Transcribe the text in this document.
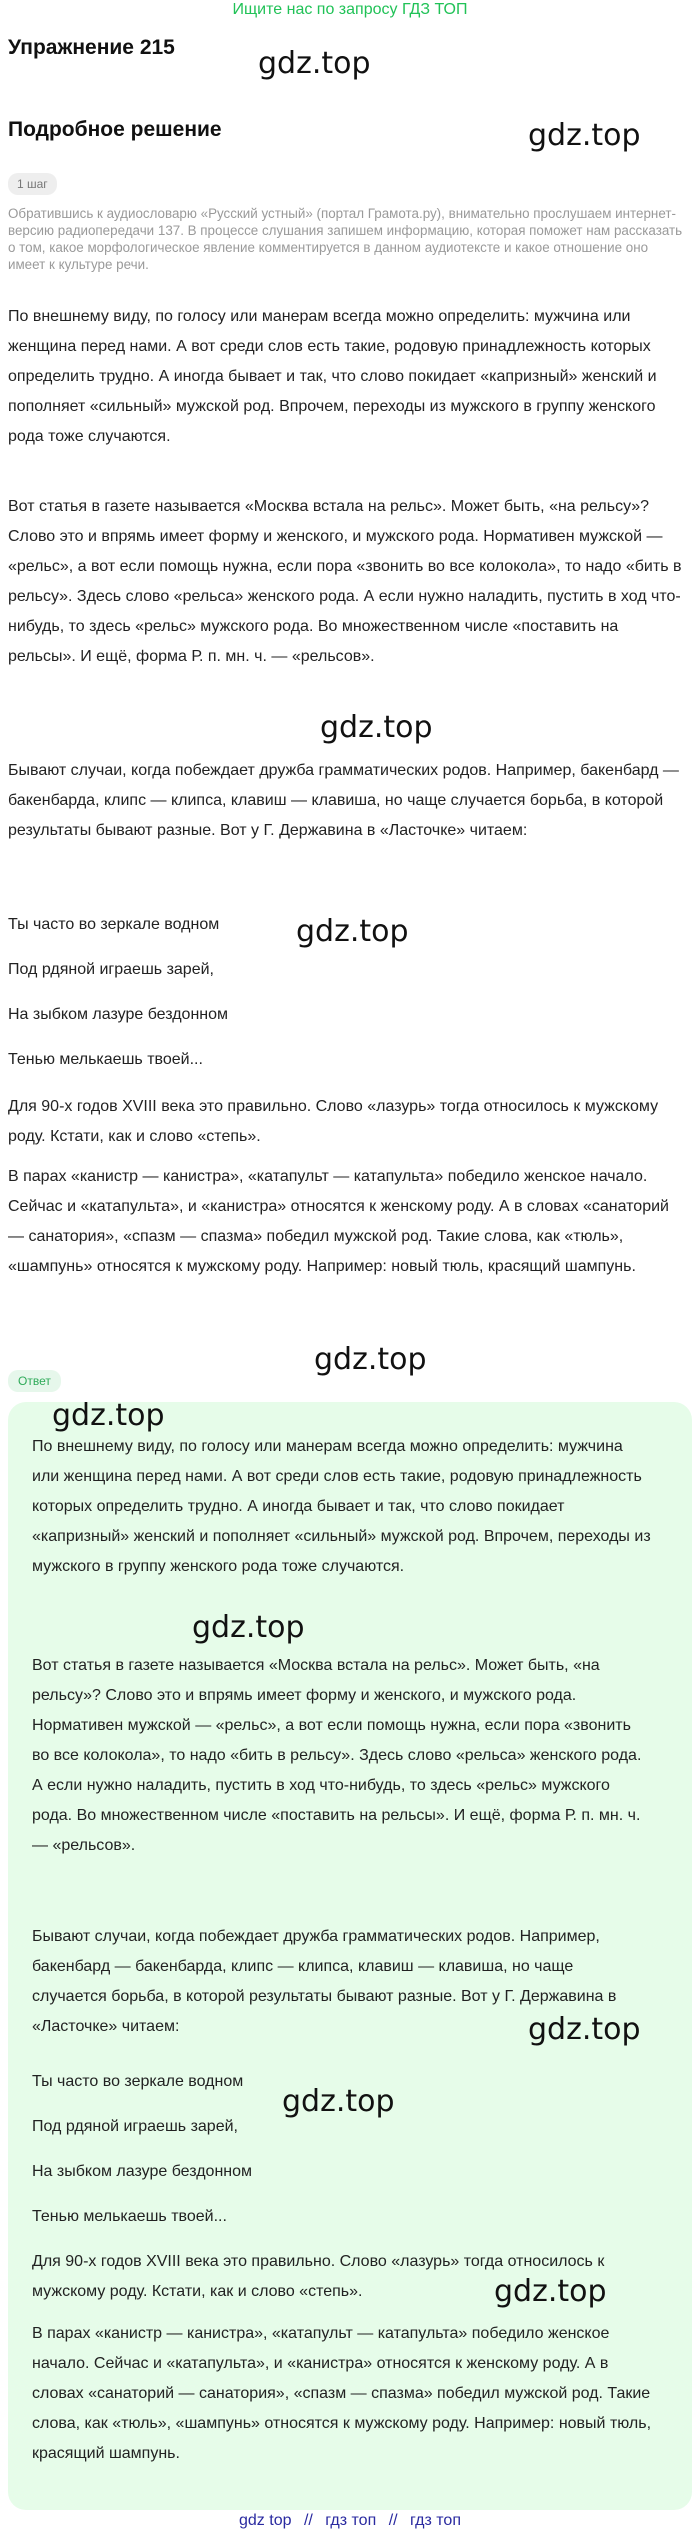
Ищите нас по запросу ГДЗ ТОП
Упражнение 215	gdz.top
Подробное решение	gdz.top
1 шаг

Обратившись к аудиословарю «Русский устный» (портал Грамота.ру), внимательно прослушаем интернет-версию радиопередачи 137. В процессе слушания запишем информацию, которая поможет нам рассказать о том, какое морфологическое явление комментируется в данном аудиотексте и какое отношение оно имеет к культуре речи.

По внешнему виду, по голосу или манерам всегда можно определить: мужчина или женщина перед нами. А вот среди слов есть такие, родовую принадлежность которых определить трудно. А иногда бывает и так, что слово покидает «капризный» женский и пополняет «сильный» мужской род. Впрочем, переходы из мужского в группу женского рода тоже случаются.

Вот статья в газете называется «Москва встала на рельс». Может быть, «на рельсу»? Слово это и впрямь имеет форму и женского, и мужского рода. Нормативен мужской — «рельс», а вот если помощь нужна, если пора «звонить во все колокола», то надо «бить в рельсу». Здесь слово «рельса» женского рода. А если нужно наладить, пустить в ход что-нибудь, то здесь «рельс» мужского рода. Во множественном числе «поставить на рельсы». И ещё, форма Р. п. мн. ч. — «рельсов».

gdz.top

Бывают случаи, когда побеждает дружба грамматических родов. Например, бакенбард — бакенбарда, клипс — клипса, клавиш — клавиша, но чаще случается борьба, в которой результаты бывают разные. Вот у Г. Державина в «Ласточке» читаем:

gdz.top
Ты часто во зеркале водном
Под рдяной играешь зарей,
На зыбком лазуре бездонном
Тенью мелькаешь твоей...

Для 90-х годов XVIII века это правильно. Слово «лазурь» тогда относилось к мужскому роду. Кстати, как и слово «степь».

В парах «канистр — канистра», «катапульт — катапульта» победило женское начало. Сейчас и «катапульта», и «канистра» относятся к женскому роду. А в словах «санаторий — санатория», «спазм — спазма» победил мужской род. Такие слова, как «тюль», «шампунь» относятся к мужскому роду. Например: новый тюль, красящий шампунь.

gdz.top
Ответ
gdz.top

По внешнему виду, по голосу или манерам всегда можно определить: мужчина или женщина перед нами. А вот среди слов есть такие, родовую принадлежность которых определить трудно. А иногда бывает и так, что слово покидает «капризный» женский и пополняет «сильный» мужской род. Впрочем, переходы из мужского в группу женского рода тоже случаются.

gdz.top

Вот статья в газете называется «Москва встала на рельс». Может быть, «на рельсу»? Слово это и впрямь имеет форму и женского, и мужского рода. Нормативен мужской — «рельс», а вот если помощь нужна, если пора «звонить во все колокола», то надо «бить в рельсу». Здесь слово «рельса» женского рода. А если нужно наладить, пустить в ход что-нибудь, то здесь «рельс» мужского рода. Во множественном числе «поставить на рельсы». И ещё, форма Р. п. мн. ч. — «рельсов».

Бывают случаи, когда побеждает дружба грамматических родов. Например, бакенбард — бакенбарда, клипс — клипса, клавиш — клавиша, но чаще случается борьба, в которой результаты бывают разные. Вот у Г. Державина в «Ласточке» читаем:	gdz.top
Ты часто во зеркале водном
gdz.top
Под рдяной играешь зарей,
На зыбком лазуре бездонном
Тенью мелькаешь твоей...

Для 90-х годов XVIII века это правильно. Слово «лазурь» тогда относилось к мужскому роду. Кстати, как и слово «степь».	gdz.top

В парах «канистр — канистра», «катапульт — катапульта» победило женское начало. Сейчас и «катапульта», и «канистра» относятся к женскому роду. А в словах «санаторий — санатория», «спазм — спазма» победил мужской род. Такие слова, как «тюль», «шампунь» относятся к мужскому роду. Например: новый тюль, красящий шампунь.

gdz top // гдз топ // гдз топ
